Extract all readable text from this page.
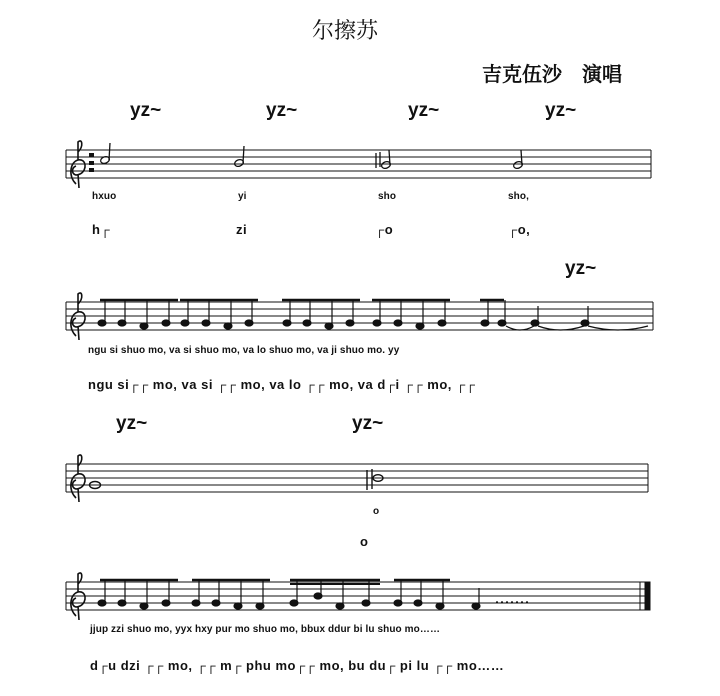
尔擦苏
吉克伍沙　演唱
yz~	yz~	yz~	yz~
hxuo	yi	sho	sho,
h┌	zi	┌o	┌o,
yz~
ngu si shuo mo, va si shuo mo, va lo shuo mo, va ji shuo mo. yy
ngu si┌┌ mo, va si ┌┌ mo, va lo ┌┌ mo, va d┌i ┌┌ mo, ┌┌
yz~	yz~
o
o
jjup zzi shuo mo, yyx hxy pur mo shuo mo, bbux ddur bi lu shuo mo……
d┌u dzi ┌┌ mo, ┌┌ m┌ phu mo┌┌ mo, bu du┌ pi lu ┌┌ mo……
